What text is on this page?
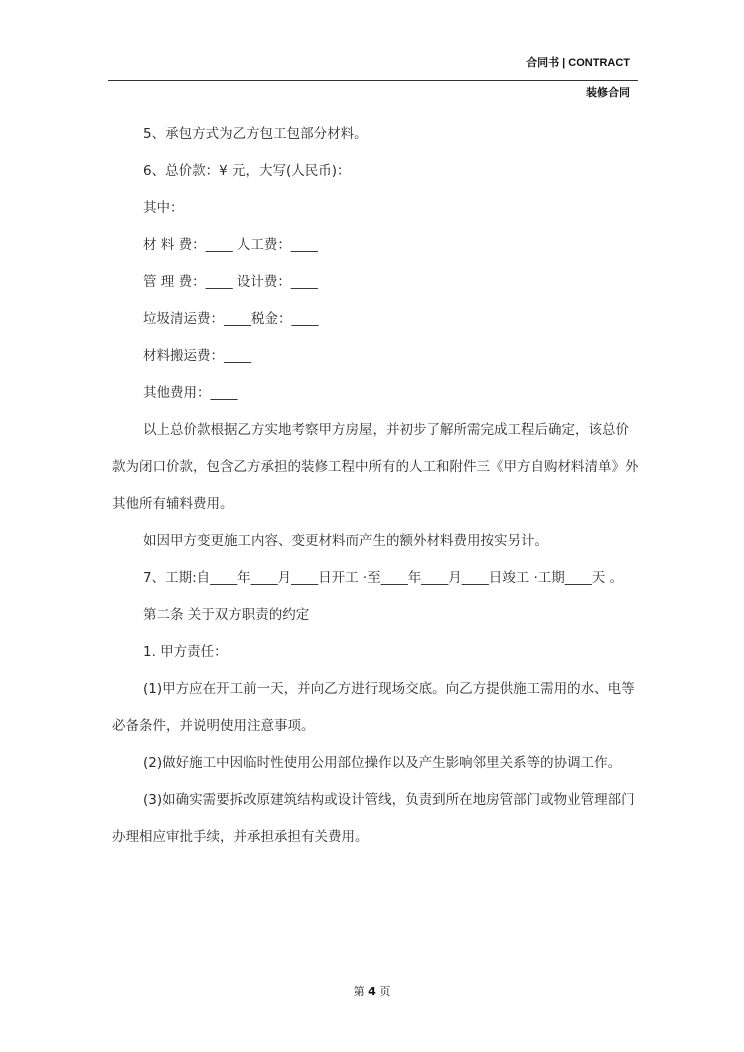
合同书 | CONTRACT
装修合同

5、承包方式为乙方包工包部分材料。

6、总价款：¥ 元，大写(人民币)：

其中：

材 料 费：____ 人工费：____

管 理 费：____ 设计费：____

垃圾清运费：____税金：____

材料搬运费：____

其他费用：____

以上总价款根据乙方实地考察甲方房屋，并初步了解所需完成工程后确定，该总价款为闭口价款，包含乙方承担的装修工程中所有的人工和附件三《甲方自购材料清单》外其他所有辅料费用。

如因甲方变更施工内容、变更材料而产生的额外材料费用按实另计。

7、工期:自____年____月____日开工 ·至____年____月____日竣工 ·工期____天 。

第二条 关于双方职责的约定

1. 甲方责任：

(1)甲方应在开工前一天，并向乙方进行现场交底。向乙方提供施工需用的水、电等必备条件，并说明使用注意事项。

(2)做好施工中因临时性使用公用部位操作以及产生影响邻里关系等的协调工作。

(3)如确实需要拆改原建筑结构或设计管线，负责到所在地房管部门或物业管理部门办理相应审批手续，并承担承担有关费用。

第 4 页
